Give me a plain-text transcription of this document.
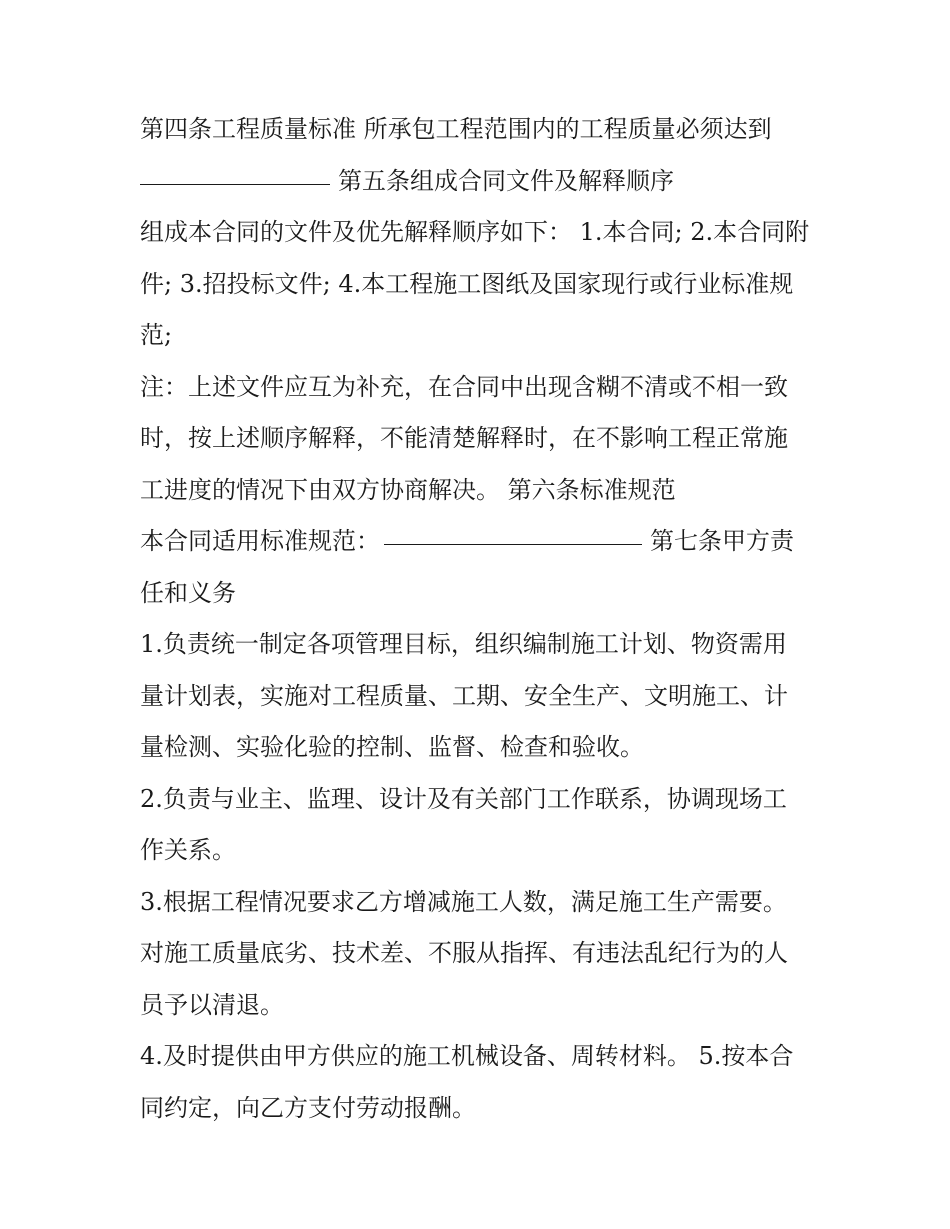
第四条工程质量标准 所承包工程范围内的工程质量必须达到
第五条组成合同文件及解释顺序
组成本合同的文件及优先解释顺序如下： 1.本合同; 2.本合同附
件; 3.招投标文件; 4.本工程施工图纸及国家现行或行业标准规
范;
注：上述文件应互为补充，在合同中出现含糊不清或不相一致
时，按上述顺序解释，不能清楚解释时，在不影响工程正常施
工进度的情况下由双方协商解决。 第六条标准规范
本合同适用标准规范：	第七条甲方责
任和义务
1.负责统一制定各项管理目标，组织编制施工计划、物资需用
量计划表，实施对工程质量、工期、安全生产、文明施工、计
量检测、实验化验的控制、监督、检查和验收。
2.负责与业主、监理、设计及有关部门工作联系，协调现场工
作关系。
3.根据工程情况要求乙方增减施工人数，满足施工生产需要。
对施工质量底劣、技术差、不服从指挥、有违法乱纪行为的人
员予以清退。
4.及时提供由甲方供应的施工机械设备、周转材料。 5.按本合
同约定，向乙方支付劳动报酬。
